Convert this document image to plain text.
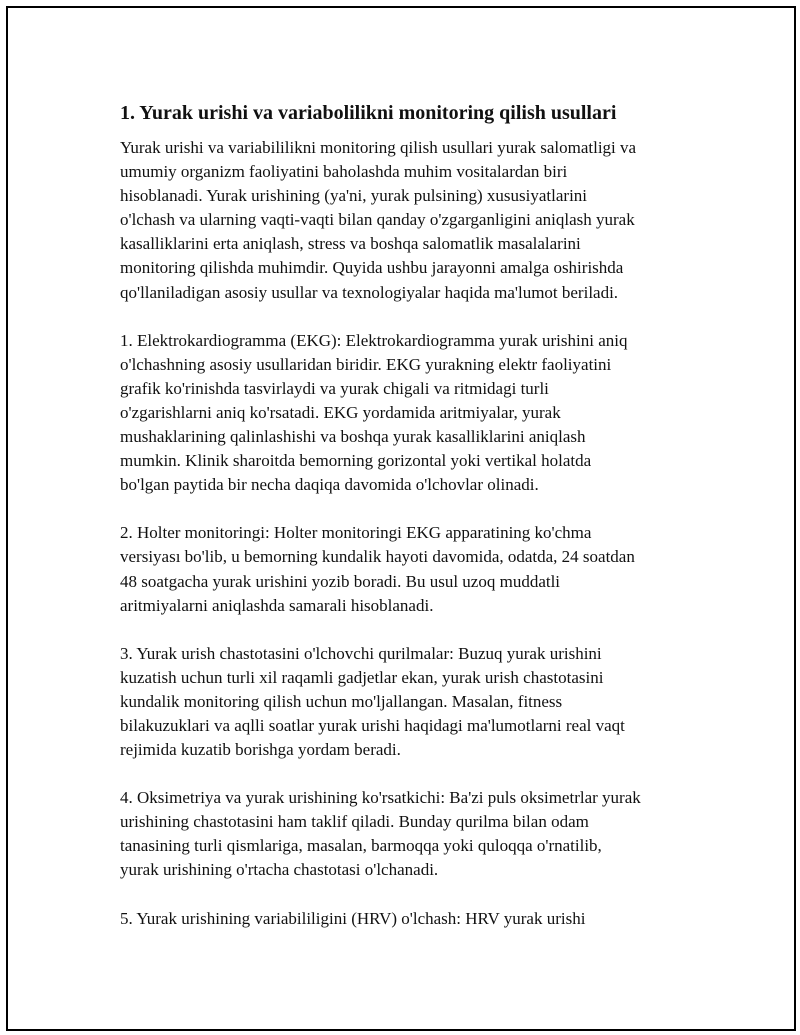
1. Yurak urishi va variabolilikni monitoring qilish usullari
Yurak urishi va variabililikni monitoring qilish usullari yurak salomatligi va
umumiy organizm faoliyatini baholashda muhim vositalardan biri
hisoblanadi. Yurak urishining (ya'ni, yurak pulsining) xususiyatlarini
o'lchash va ularning vaqti-vaqti bilan qanday o'zgarganligini aniqlash yurak
kasalliklarini erta aniqlash, stress va boshqa salomatlik masalalarini
monitoring qilishda muhimdir. Quyida ushbu jarayonni amalga oshirishda
qo'llaniladigan asosiy usullar va texnologiyalar haqida ma'lumot beriladi.
1. Elektrokardiogramma (EKG): Elektrokardiogramma yurak urishini aniq
o'lchashning asosiy usullaridan biridir. EKG yurakning elektr faoliyatini
grafik ko'rinishda tasvirlaydi va yurak chigali va ritmidagi turli
o'zgarishlarni aniq ko'rsatadi. EKG yordamida aritmiyalar, yurak
mushaklarining qalinlashishi va boshqa yurak kasalliklarini aniqlash
mumkin. Klinik sharoitda bemorning gorizontal yoki vertikal holatda
bo'lgan paytida bir necha daqiqa davomida o'lchovlar olinadi.
2. Holter monitoringi: Holter monitoringi EKG apparatining ko'chma
versiyası bo'lib, u bemorning kundalik hayoti davomida, odatda, 24 soatdan
48 soatgacha yurak urishini yozib boradi. Bu usul uzoq muddatli
aritmiyalarni aniqlashda samarali hisoblanadi.
3. Yurak urish chastotasini o'lchovchi qurilmalar: Buzuq yurak urishini
kuzatish uchun turli xil raqamli gadjetlar ekan, yurak urish chastotasini
kundalik monitoring qilish uchun mo'ljallangan. Masalan, fitness
bilakuzuklari va aqlli soatlar yurak urishi haqidagi ma'lumotlarni real vaqt
rejimida kuzatib borishga yordam beradi.
4. Oksimetriya va yurak urishining ko'rsatkichi: Ba'zi puls oksimetrlar yurak
urishining chastotasini ham taklif qiladi. Bunday qurilma bilan odam
tanasining turli qismlariga, masalan, barmoqqa yoki quloqqa o'rnatilib,
yurak urishining o'rtacha chastotasi o'lchanadi.
5. Yurak urishining variabililigini (HRV) o'lchash: HRV yurak urishi
